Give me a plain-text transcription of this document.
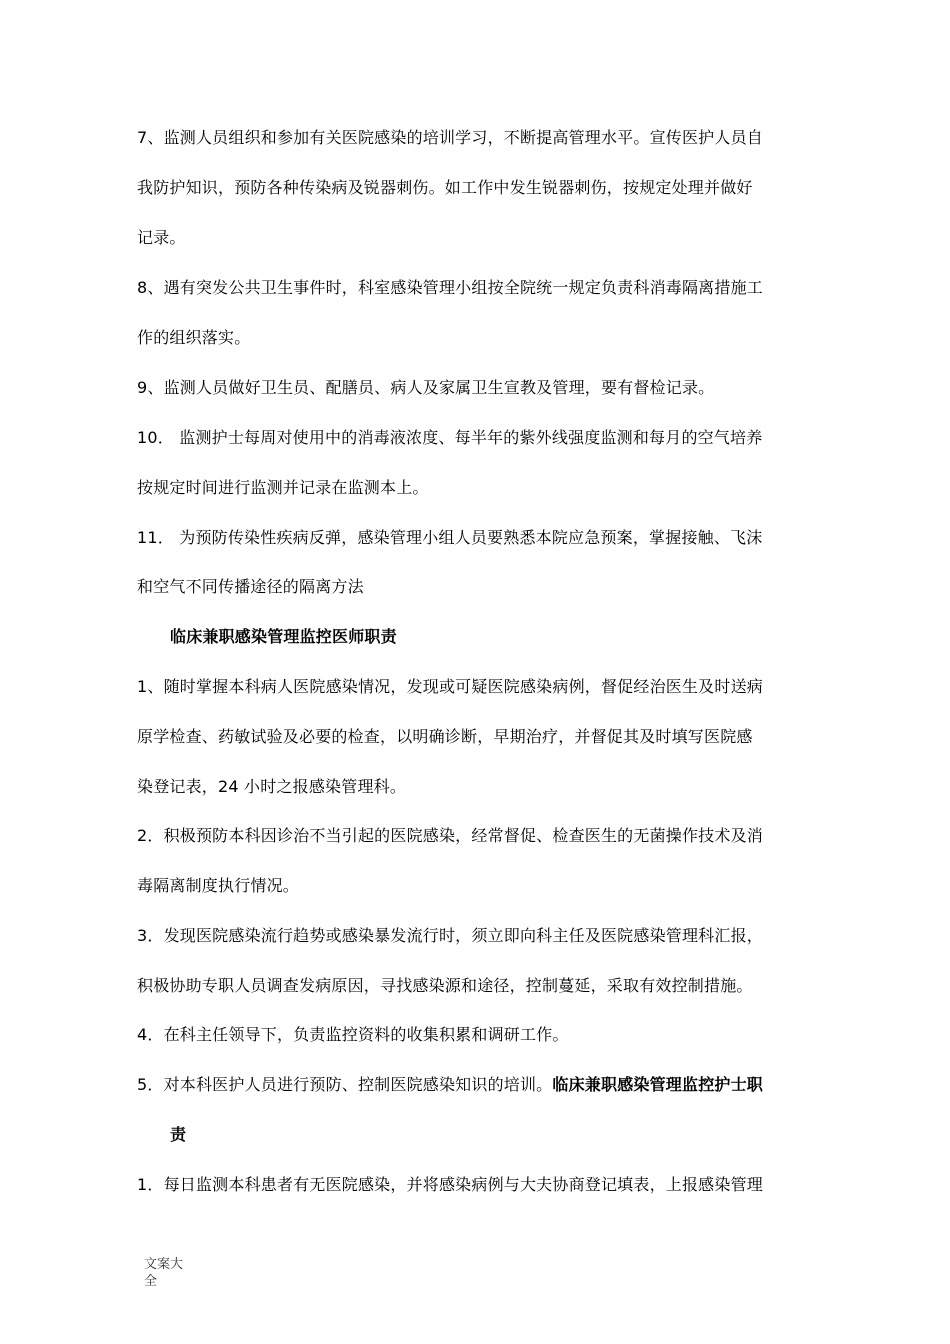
7、监测人员组织和参加有关医院感染的培训学习，不断提高管理水平。宣传医护人员自
我防护知识，预防各种传染病及锐器刺伤。如工作中发生锐器刺伤，按规定处理并做好
记录。
8、遇有突发公共卫生事件时，科室感染管理小组按全院统一规定负责科消毒隔离措施工
作的组织落实。
9、监测人员做好卫生员、配膳员、病人及家属卫生宣教及管理，要有督检记录。
10． 监测护士每周对使用中的消毒液浓度、每半年的紫外线强度监测和每月的空气培养
按规定时间进行监测并记录在监测本上。
11． 为预防传染性疾病反弹，感染管理小组人员要熟悉本院应急预案，掌握接触、飞沫
和空气不同传播途径的隔离方法
临床兼职感染管理监控医师职责
1、随时掌握本科病人医院感染情况，发现或可疑医院感染病例，督促经治医生及时送病
原学检查、药敏试验及必要的检查，以明确诊断，早期治疗，并督促其及时填写医院感
染登记表，24 小时之报感染管理科。
2．积极预防本科因诊治不当引起的医院感染，经常督促、检查医生的无菌操作技术及消
毒隔离制度执行情况。
3．发现医院感染流行趋势或感染暴发流行时，须立即向科主任及医院感染管理科汇报，
积极协助专职人员调查发病原因，寻找感染源和途径，控制蔓延，采取有效控制措施。
4．在科主任领导下，负责监控资料的收集积累和调研工作。
5．对本科医护人员进行预防、控制医院感染知识的培训。临床兼职感染管理监控护士职
责
1．每日监测本科患者有无医院感染，并将感染病例与大夫协商登记填表，上报感染管理
文案大
全
